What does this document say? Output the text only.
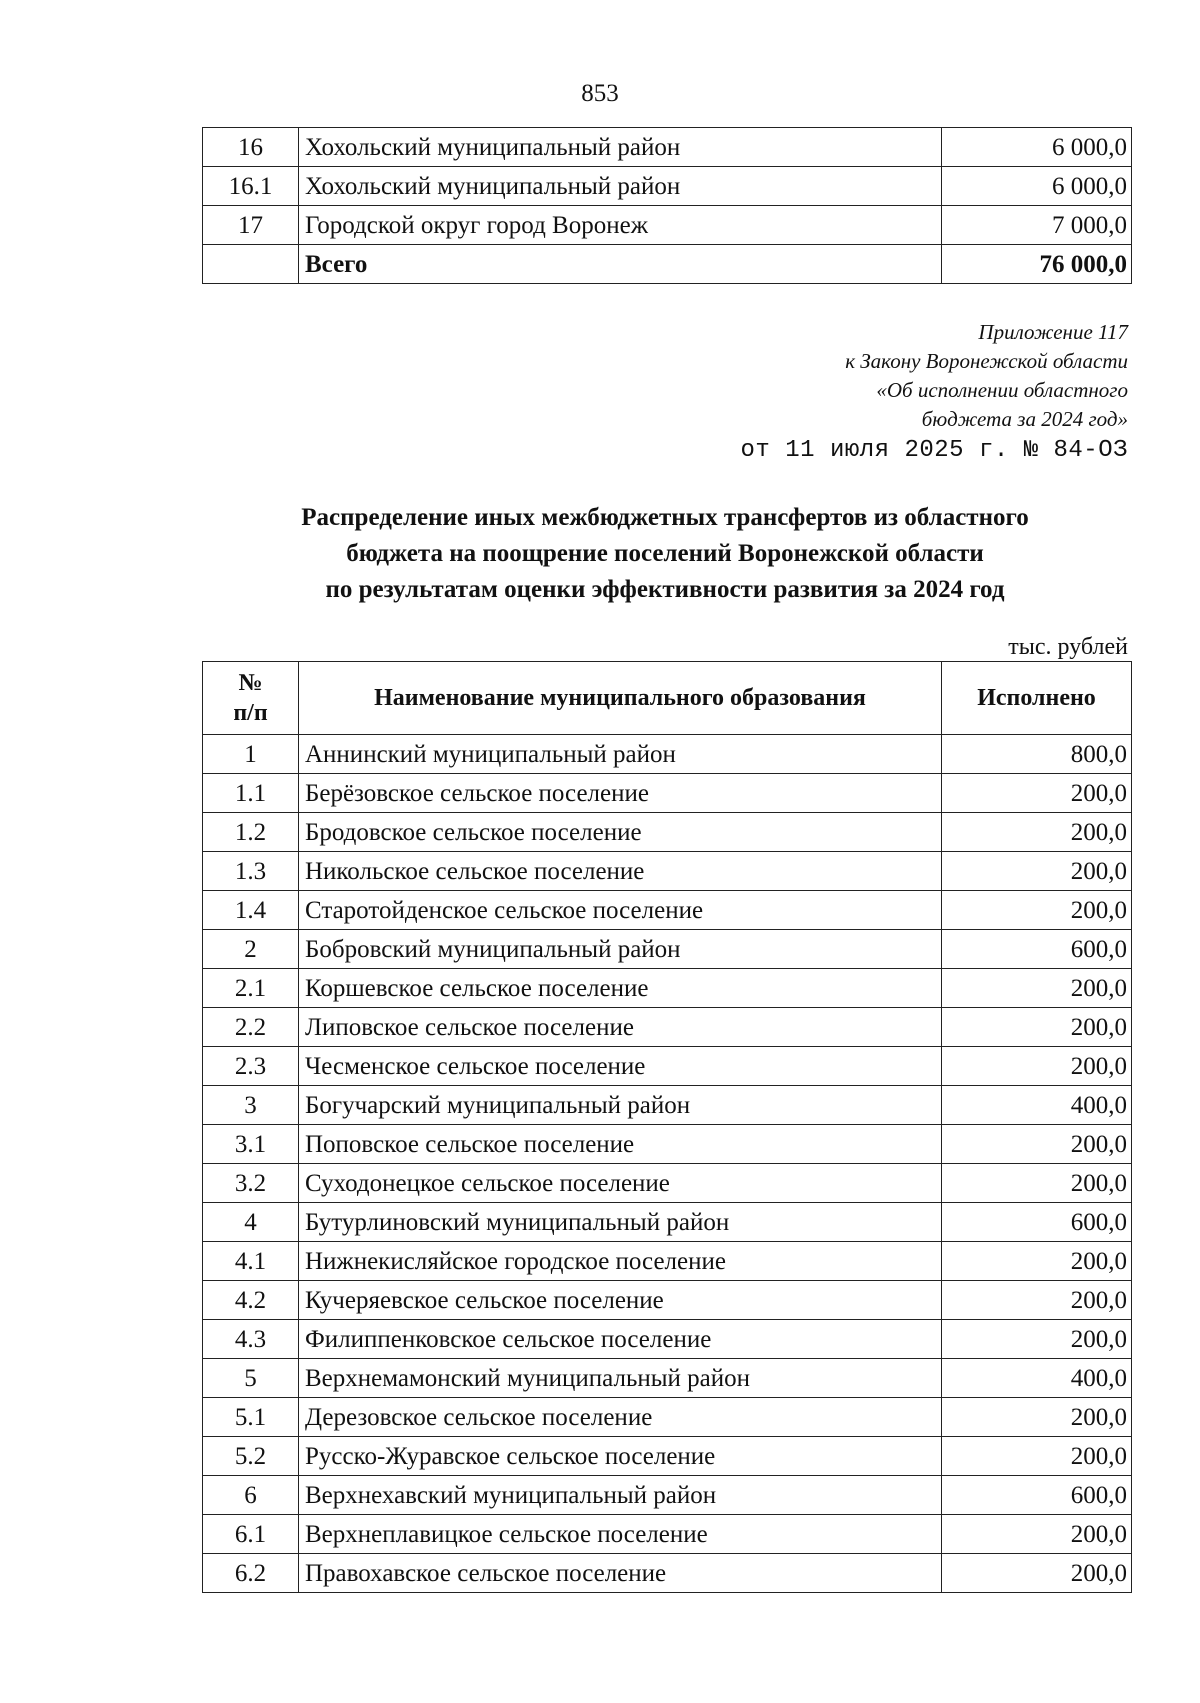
853
16	Хохольский муниципальный район	6 000,0
16.1	Хохольский муниципальный район	6 000,0
17	Городской округ город Воронеж	7 000,0
	Всего	76 000,0
Приложение 117
к Закону Воронежской области
«Об исполнении областного
бюджета за 2024 год»
от 11 июля 2025 г. № 84-ОЗ
Распределение иных межбюджетных трансфертов из областного
бюджета на поощрение поселений Воронежской области
по результатам оценки эффективности развития за 2024 год
тыс. рублей
№
п/п	Наименование муниципального образования	Исполнено
1	Аннинский муниципальный район	800,0
1.1	Берёзовское сельское поселение	200,0
1.2	Бродовское сельское поселение	200,0
1.3	Никольское сельское поселение	200,0
1.4	Старотойденское сельское поселение	200,0
2	Бобровский муниципальный район	600,0
2.1	Коршевское сельское поселение	200,0
2.2	Липовское сельское поселение	200,0
2.3	Чесменское сельское поселение	200,0
3	Богучарский муниципальный район	400,0
3.1	Поповское сельское поселение	200,0
3.2	Суходонецкое сельское поселение	200,0
4	Бутурлиновский муниципальный район	600,0
4.1	Нижнекисляйское городское поселение	200,0
4.2	Кучеряевское сельское поселение	200,0
4.3	Филиппенковское сельское поселение	200,0
5	Верхнемамонский муниципальный район	400,0
5.1	Дерезовское сельское поселение	200,0
5.2	Русско-Журавское сельское поселение	200,0
6	Верхнехавский муниципальный район	600,0
6.1	Верхнеплавицкое сельское поселение	200,0
6.2	Правохавское сельское поселение	200,0
